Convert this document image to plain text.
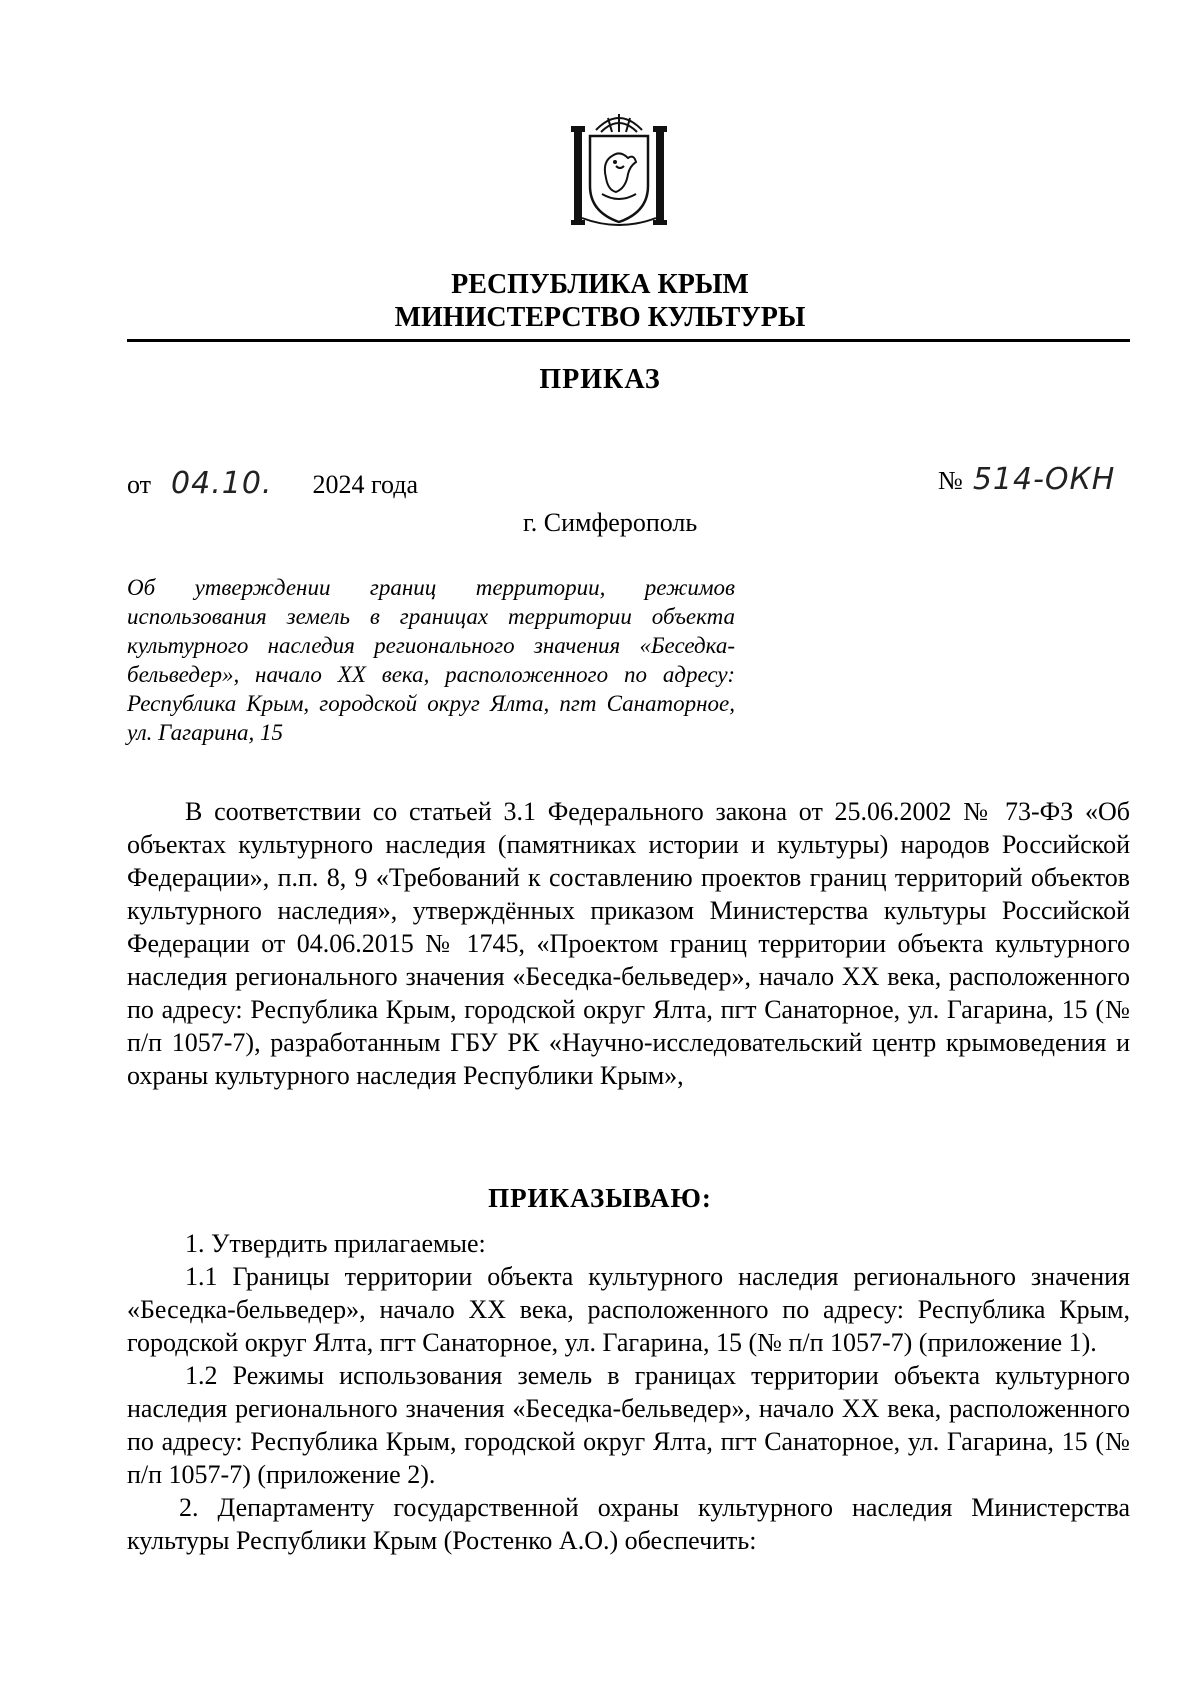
РЕСПУБЛИКА КРЫМ
МИНИСТЕРСТВО КУЛЬТУРЫ
ПРИКАЗ
от 04.10. 2024 года	№ 514-ОКН
г. Симферополь
Об утверждении границ территории, режимов использования земель в границах территории объекта культурного наследия регионального значения «Беседка-бельведер», начало XX века, расположенного по адресу: Республика Крым, городской округ Ялта, пгт Санаторное, ул. Гагарина, 15
В соответствии со статьей 3.1 Федерального закона от 25.06.2002 № 73-ФЗ «Об объектах культурного наследия (памятниках истории и культуры) народов Российской Федерации», п.п. 8, 9 «Требований к составлению проектов границ территорий объектов культурного наследия», утверждённых приказом Министерства культуры Российской Федерации от 04.06.2015 № 1745, «Проектом границ территории объекта культурного наследия регионального значения «Беседка-бельведер», начало XX века, расположенного по адресу: Республика Крым, городской округ Ялта, пгт Санаторное, ул. Гагарина, 15 (№ п/п 1057-7), разработанным ГБУ РК «Научно-исследовательский центр крымоведения и охраны культурного наследия Республики Крым»,
ПРИКАЗЫВАЮ:

1. Утвердить прилагаемые:

1.1 Границы территории объекта культурного наследия регионального значения «Беседка-бельведер», начало XX века, расположенного по адресу: Республика Крым, городской округ Ялта, пгт Санаторное, ул. Гагарина, 15 (№ п/п 1057-7) (приложение 1).

1.2 Режимы использования земель в границах территории объекта культурного наследия регионального значения «Беседка-бельведер», начало XX века, расположенного по адресу: Республика Крым, городской округ Ялта, пгт Санаторное, ул. Гагарина, 15 (№ п/п 1057-7) (приложение 2).

2. Департаменту государственной охраны культурного наследия Министерства культуры Республики Крым (Ростенко А.О.) обеспечить:
